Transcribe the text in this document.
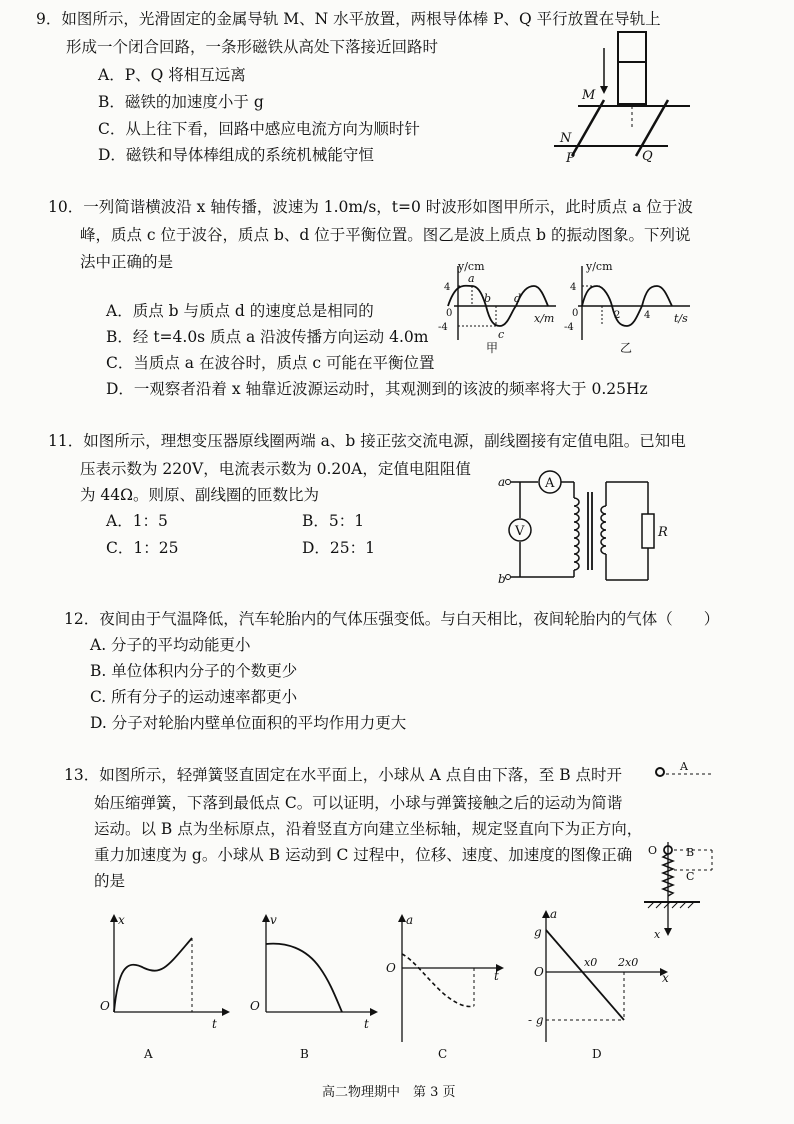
9．如图所示，光滑固定的金属导轨 M、N 水平放置，两根导体棒 P、Q 平行放置在导轨上
形成一个闭合回路，一条形磁铁从高处下落接近回路时
A．P、Q 将相互远离
B．磁铁的加速度小于 g
C．从上往下看，回路中感应电流方向为顺时针
D．磁铁和导体棒组成的系统机械能守恒
M
N
P	Q
10．一列简谐横波沿 x 轴传播，波速为 1.0m/s，t=0 时波形如图甲所示，此时质点 a 位于波
峰，质点 c 位于波谷，质点 b、d 位于平衡位置。图乙是波上质点 b 的振动图象。下列说
法中正确的是
A．质点 b 与质点 d 的速度总是相同的
B．经 t=4.0s 质点 a 沿波传播方向运动 4.0m
C．当质点 a 在波谷时，质点 c 可能在平衡位置
D．一观察者沿着 x 轴靠近波源运动时，其观测到的该波的频率将大于 0.25Hz
y/cm
x/m
4
-4
0
a
b
c
d
甲
y/cm
t/s
4
-4
0	2 4
乙
11．如图所示，理想变压器原线圈两端 a、b 接正弦交流电源，副线圈接有定值电阻。已知电
压表示数为 220V，电流表示数为 0.20A，定值电阻阻值
为 44Ω。则原、副线圈的匝数比为
A．1：5	B．5：1
C．1：25	D．25：1
a
b
A
V	R
12．夜间由于气温降低，汽车轮胎内的气体压强变低。与白天相比，夜间轮胎内的气体（　　）
A. 分子的平均动能更小
B. 单位体积内分子的个数更少
C. 所有分子的运动速率都更小
D. 分子对轮胎内壁单位面积的平均作用力更大
13．如图所示，轻弹簧竖直固定在水平面上，小球从 A 点自由下落，至 B 点时开
始压缩弹簧，下落到最低点 C。可以证明，小球与弹簧接触之后的运动为简谐
运动。以 B 点为坐标原点，沿着竖直方向建立坐标轴，规定竖直向下为正方向，
重力加速度为 g。小球从 B 运动到 C 过程中，位移、速度、加速度的图像正确
的是
A
O	B
C
x
x
t
O
A
v
t
O
B
a
t
O
C
a
x
O
g
- g
x0 2x0
D
高二物理期中　第 3 页
